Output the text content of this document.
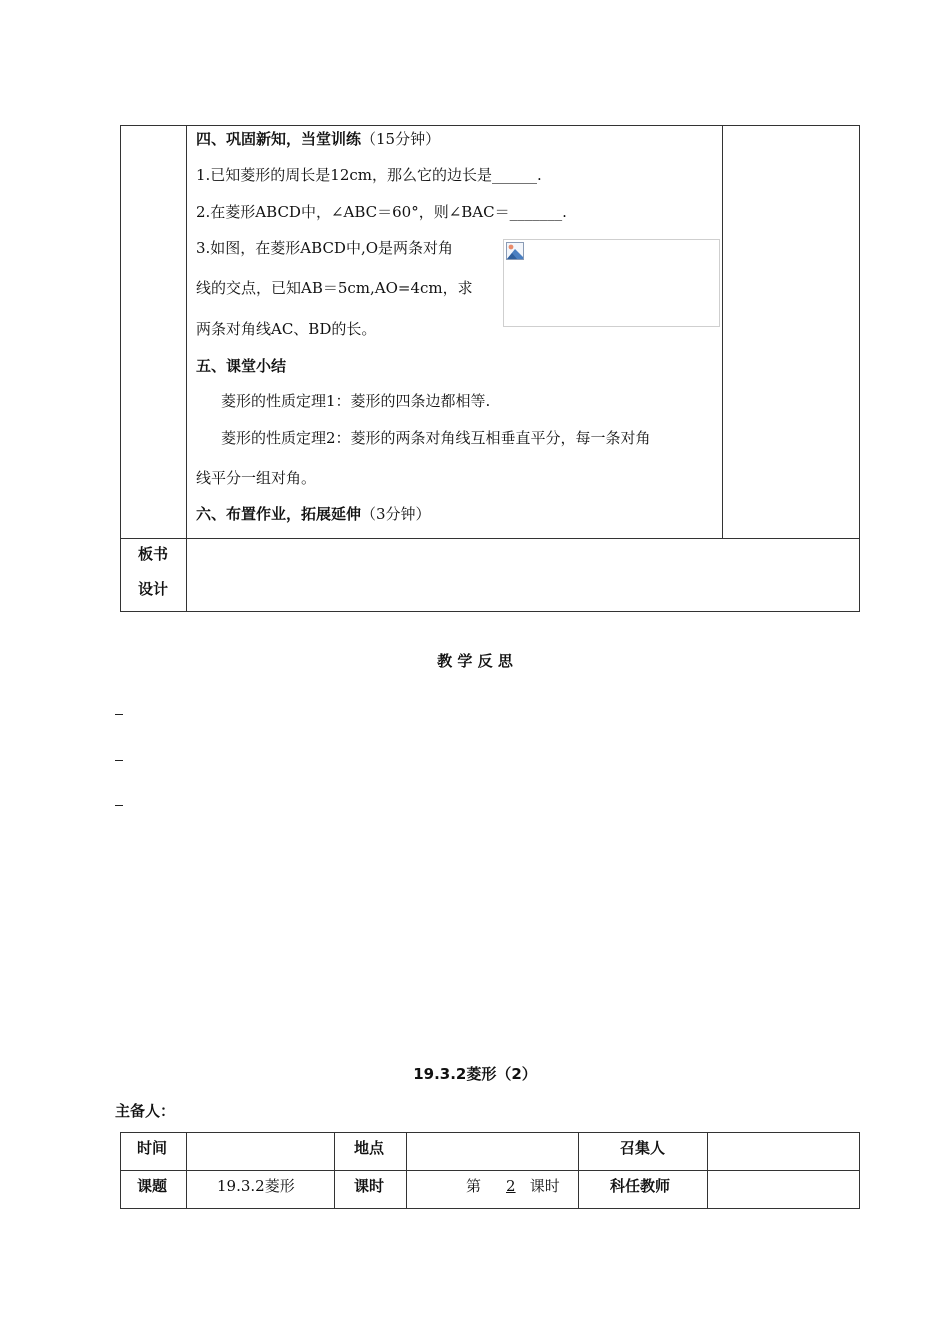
四、巩固新知，当堂训练（15分钟）
1.已知菱形的周长是12cm，那么它的边长是______.
2.在菱形ABCD中，∠ABC＝60°，则∠BAC＝_______.
3.如图，在菱形ABCD中,O是两条对角
线的交点，已知AB＝5cm,AO=4cm，求
两条对角线AC、BD的长。
五、课堂小结
菱形的性质定理1：菱形的四条边都相等.
菱形的性质定理2：菱形的两条对角线互相垂直平分，每一条对角
线平分一组对角。
六、布置作业，拓展延伸（3分钟）
板书
设计
教 学 反 思
19.3.2菱形（2）
主备人：
时间	地点	召集人
课题	19.3.2菱形	课时	第 2 课时	科任教师
